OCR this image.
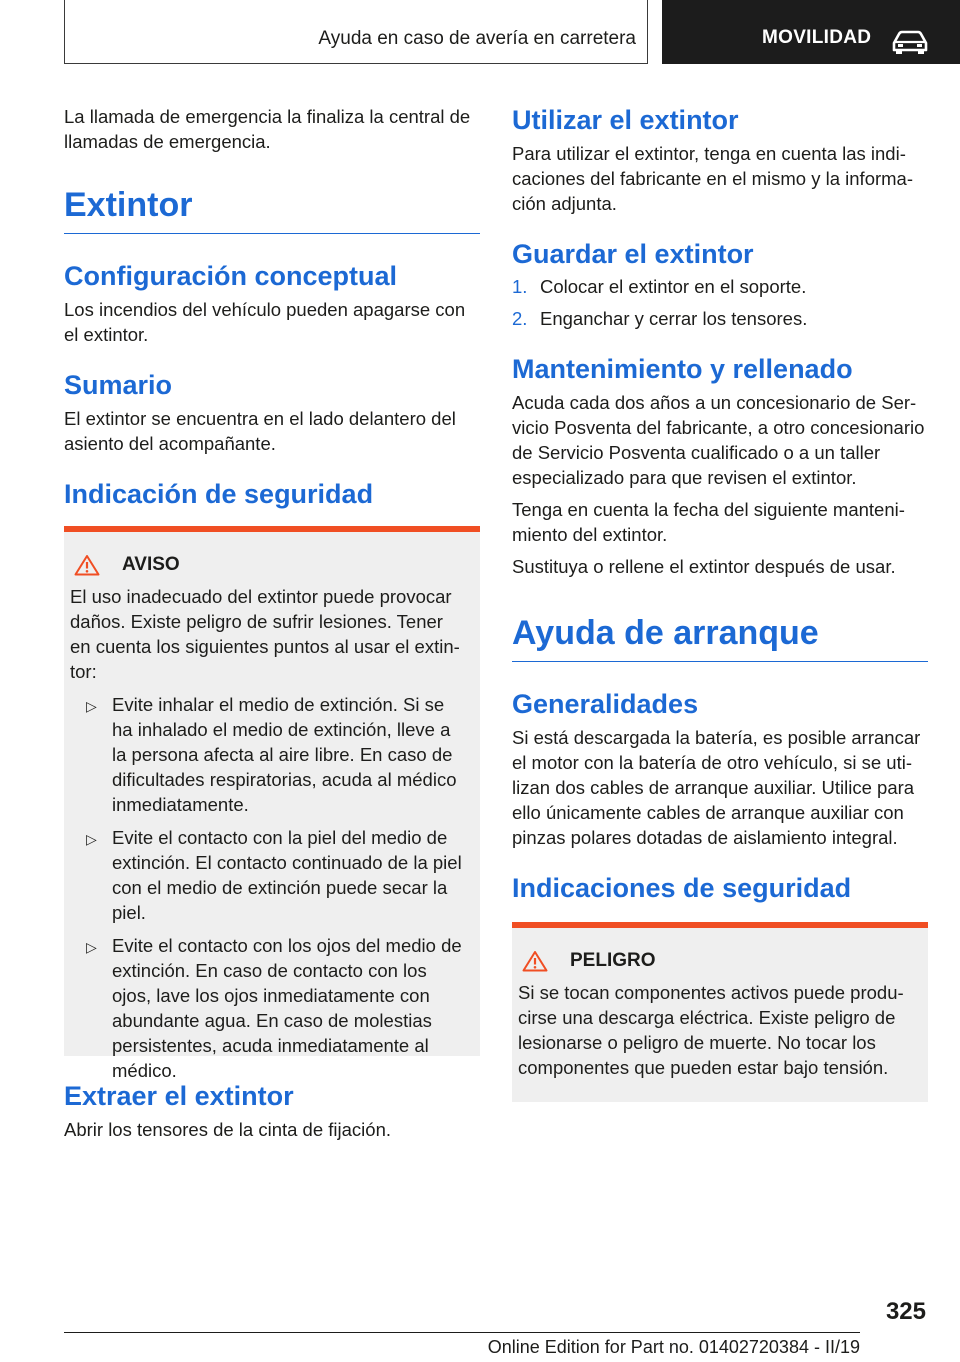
Ayuda en caso de avería en carretera	MOVILIDAD

La llamada de emergencia la finaliza la central de llamadas de emergencia.

Extintor
Configuración conceptual

Los incendios del vehículo pueden apagarse con el extintor.

Sumario

El extintor se encuentra en el lado delantero del asiento del acompañante.

Indicación de seguridad
AVISO

El uso inadecuado del extintor puede provocar daños. Existe peligro de sufrir lesiones. Tener en cuenta los siguientes puntos al usar el extintor:

▷ Evite inhalar el medio de extinción. Si se ha inhalado el medio de extinción, lleve a la persona afecta al aire libre. En caso de dificultades respiratorias, acuda al médico inmediatamente.
▷ Evite el contacto con la piel del medio de extinción. El contacto continuado de la piel con el medio de extinción puede secar la piel.
▷ Evite el contacto con los ojos del medio de extinción. En caso de contacto con los ojos, lave los ojos inmediatamente con abundante agua. En caso de molestias persistentes, acuda inmediatamente al médico.
Extraer el extintor

Abrir los tensores de la cinta de fijación.

Utilizar el extintor

Para utilizar el extintor, tenga en cuenta las indicaciones del fabricante en el mismo y la información adjunta.

Guardar el extintor
1. Colocar el extintor en el soporte.
2. Enganchar y cerrar los tensores.
Mantenimiento y rellenado

Acuda cada dos años a un concesionario de Servicio Posventa del fabricante, a otro concesionario de Servicio Posventa cualificado o a un taller especializado para que revisen el extintor.

Tenga en cuenta la fecha del siguiente mantenimiento del extintor.

Sustituya o rellene el extintor después de usar.

Ayuda de arranque
Generalidades

Si está descargada la batería, es posible arrancar el motor con la batería de otro vehículo, si se utilizan dos cables de arranque auxiliar. Utilice para ello únicamente cables de arranque auxiliar con pinzas polares dotadas de aislamiento integral.

Indicaciones de seguridad
PELIGRO

Si se tocan componentes activos puede producirse una descarga eléctrica. Existe peligro de lesionarse o peligro de muerte. No tocar los componentes que pueden estar bajo tensión.

325
Online Edition for Part no. 01402720384 - II/19
